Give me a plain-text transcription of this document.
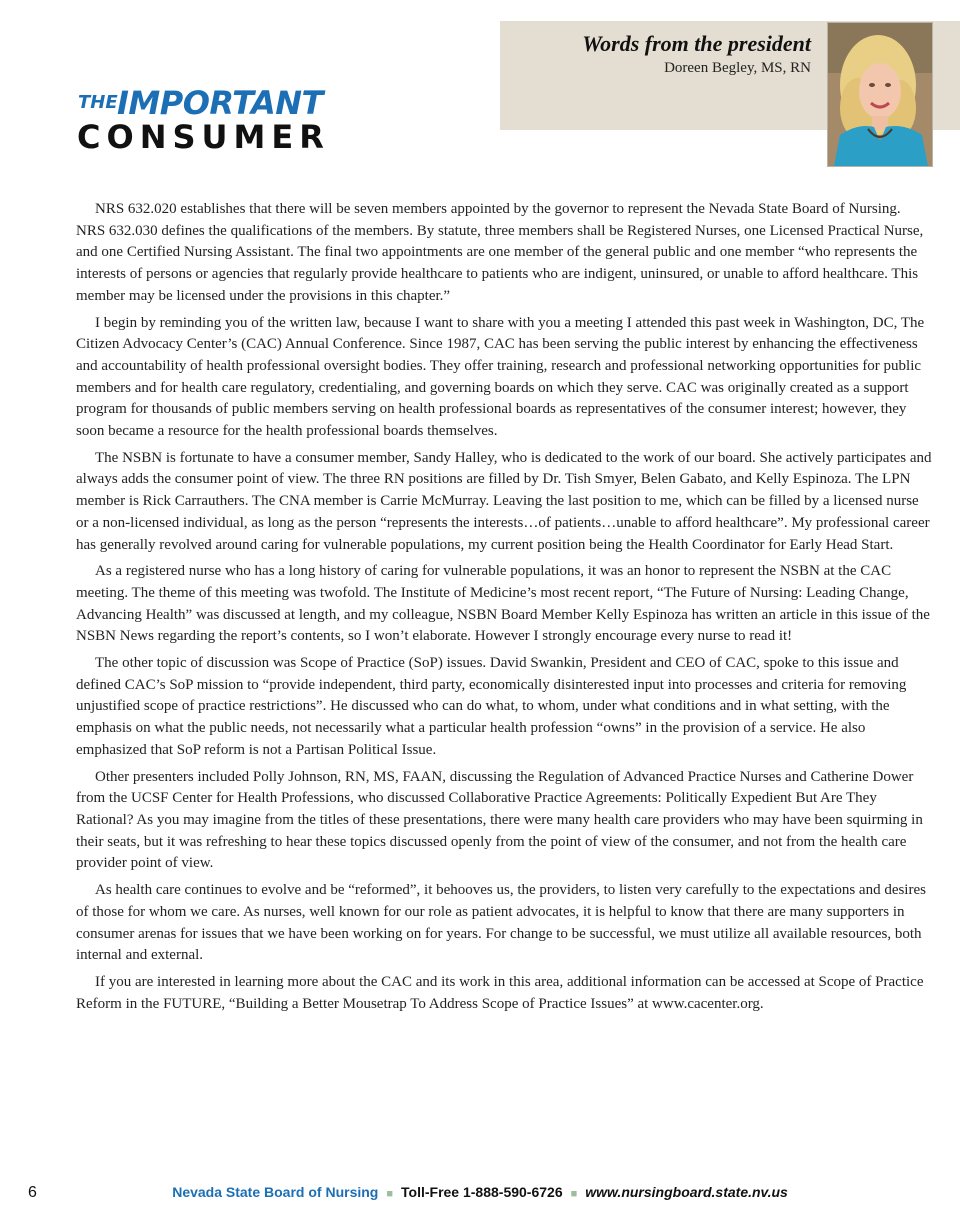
Words from the president
Doreen Begley, MS, RN
THE IMPORTANT
CONSUMER

NRS 632.020 establishes that there will be seven members appointed by the governor to represent the Nevada State Board of Nursing. NRS 632.030 defines the qualifications of the members. By statute, three members shall be Registered Nurses, one Licensed Practical Nurse, and one Certified Nursing Assistant. The final two appointments are one member of the general public and one member “who represents the interests of persons or agencies that regularly provide healthcare to patients who are indigent, uninsured, or unable to afford healthcare. This member may be licensed under the provisions in this chapter.”

I begin by reminding you of the written law, because I want to share with you a meeting I attended this past week in Washington, DC, The Citizen Advocacy Center’s (CAC) Annual Conference. Since 1987, CAC has been serving the public interest by enhancing the effectiveness and accountability of health professional oversight bodies. They offer training, research and professional networking opportunities for public members and for health care regulatory, credentialing, and governing boards on which they serve. CAC was originally created as a support program for thousands of public members serving on health professional boards as representatives of the consumer interest; however, they soon became a resource for the health professional boards themselves.

The NSBN is fortunate to have a consumer member, Sandy Halley, who is dedicated to the work of our board. She actively participates and always adds the consumer point of view. The three RN positions are filled by Dr. Tish Smyer, Belen Gabato, and Kelly Espinoza. The LPN member is Rick Carrauthers. The CNA member is Carrie McMurray. Leaving the last position to me, which can be filled by a licensed nurse or a non-licensed individual, as long as the person “represents the interests…of patients…unable to afford healthcare”. My professional career has generally revolved around caring for vulnerable populations, my current position being the Health Coordinator for Early Head Start.

As a registered nurse who has a long history of caring for vulnerable populations, it was an honor to represent the NSBN at the CAC meeting. The theme of this meeting was twofold. The Institute of Medicine’s most recent report, “The Future of Nursing: Leading Change, Advancing Health” was discussed at length, and my colleague, NSBN Board Member Kelly Espinoza has written an article in this issue of the NSBN News regarding the report’s contents, so I won’t elaborate. However I strongly encourage every nurse to read it!

The other topic of discussion was Scope of Practice (SoP) issues. David Swankin, President and CEO of CAC, spoke to this issue and defined CAC’s SoP mission to “provide independent, third party, economically disinterested input into processes and criteria for removing unjustified scope of practice restrictions”. He discussed who can do what, to whom, under what conditions and in what setting, with the emphasis on what the public needs, not necessarily what a particular health profession “owns” in the provision of a service. He also emphasized that SoP reform is not a Partisan Political Issue.

Other presenters included Polly Johnson, RN, MS, FAAN, discussing the Regulation of Advanced Practice Nurses and Catherine Dower from the UCSF Center for Health Professions, who discussed Collaborative Practice Agreements: Politically Expedient But Are They Rational? As you may imagine from the titles of these presentations, there were many health care providers who may have been squirming in their seats, but it was refreshing to hear these topics discussed openly from the point of view of the consumer, and not from the health care provider point of view.

As health care continues to evolve and be “reformed”, it behooves us, the providers, to listen very carefully to the expectations and desires of those for whom we care. As nurses, well known for our role as patient advocates, it is helpful to know that there are many supporters in consumer arenas for issues that we have been working on for years. For change to be successful, we must utilize all available resources, both internal and external.

If you are interested in learning more about the CAC and its work in this area, additional information can be accessed at Scope of Practice Reform in the FUTURE, “Building a Better Mousetrap To Address Scope of Practice Issues” at www.cacenter.org.

6	Nevada State Board of Nursing ■ Toll-Free 1-888-590-6726 ■ www.nursingboard.state.nv.us
